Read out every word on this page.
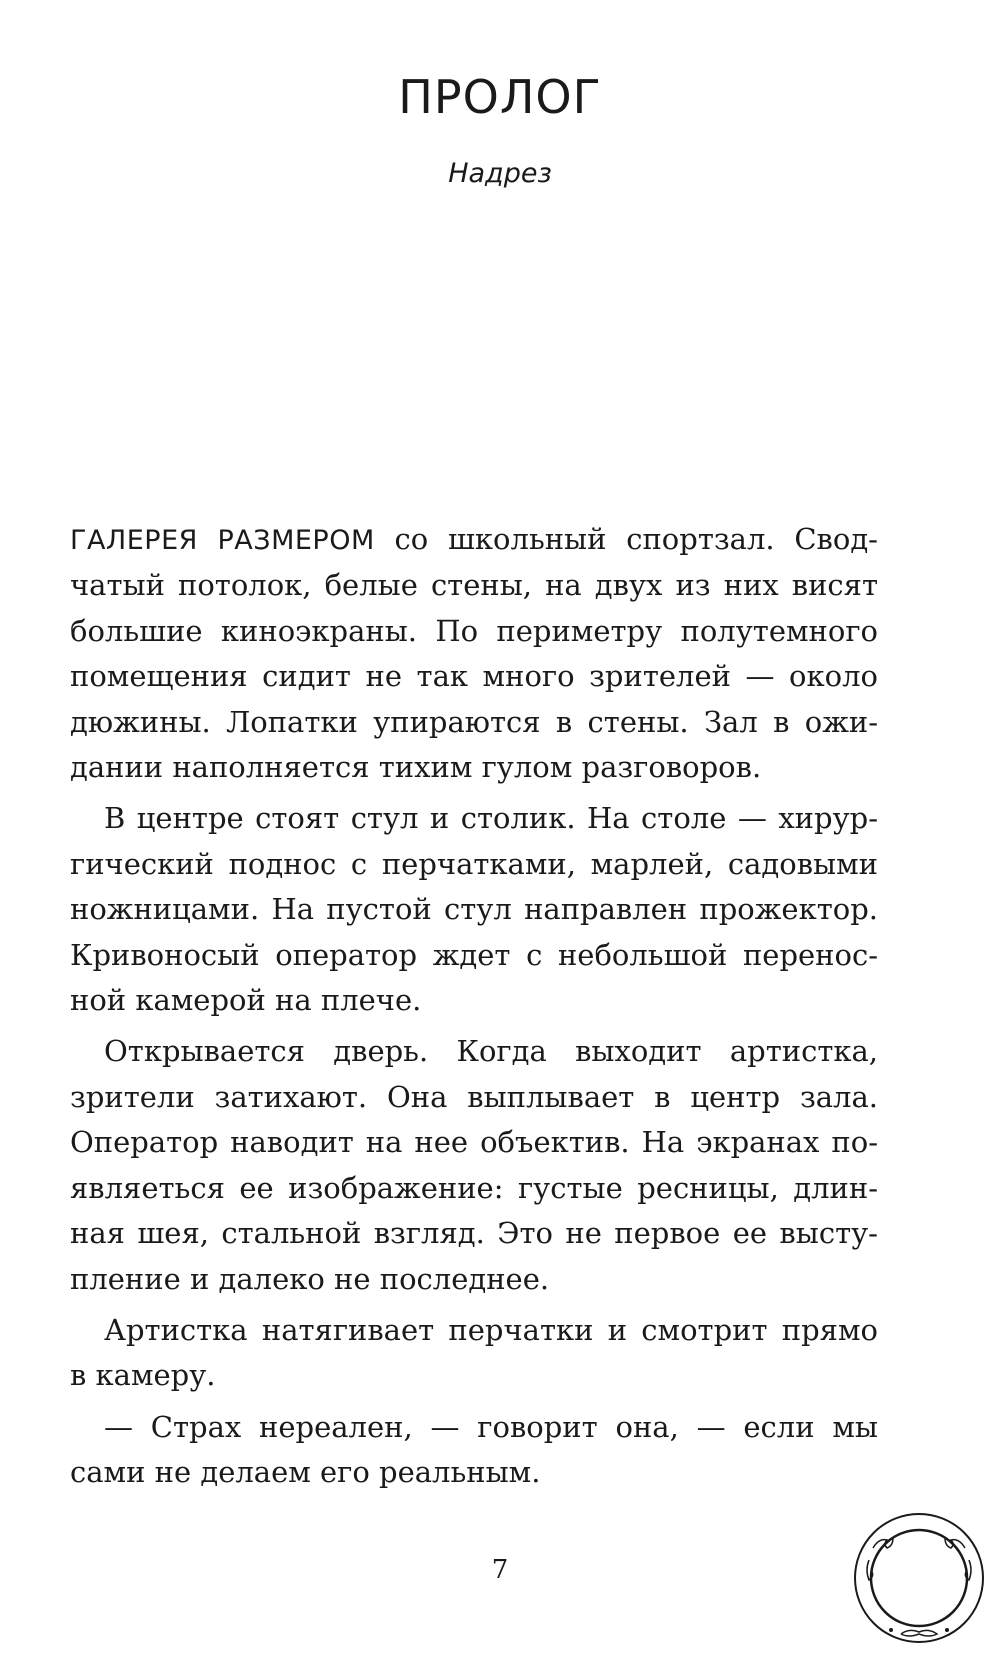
ПРОЛОГ
Надрез

ГАЛЕРЕЯ РАЗМЕРОМ со школьный спортзал. Свод-
чатый потолок, белые стены, на двух из них висят
большие киноэкраны. По периметру полутемного
помещения сидит не так много зрителей — около
дюжины. Лопатки упираются в стены. Зал в ожи-
дании наполняется тихим гулом разговоров.

В центре стоят стул и столик. На столе — хирур-
гический поднос с перчатками, марлей, садовыми
ножницами. На пустой стул направлен прожектор.
Кривоносый оператор ждет с небольшой перенос-
ной камерой на плече.

Открывается дверь. Когда выходит артистка,
зрители затихают. Она выплывает в центр зала.
Оператор наводит на нее объектив. На экранах по-
являеться ее изображение: густые ресницы, длин-
ная шея, стальной взгляд. Это не первое ее высту-
пление и далеко не последнее.

Артистка натягивает перчатки и смотрит прямо
в камеру.

— Страх нереален, — говорит она, — если мы
сами не делаем его реальным.

7
